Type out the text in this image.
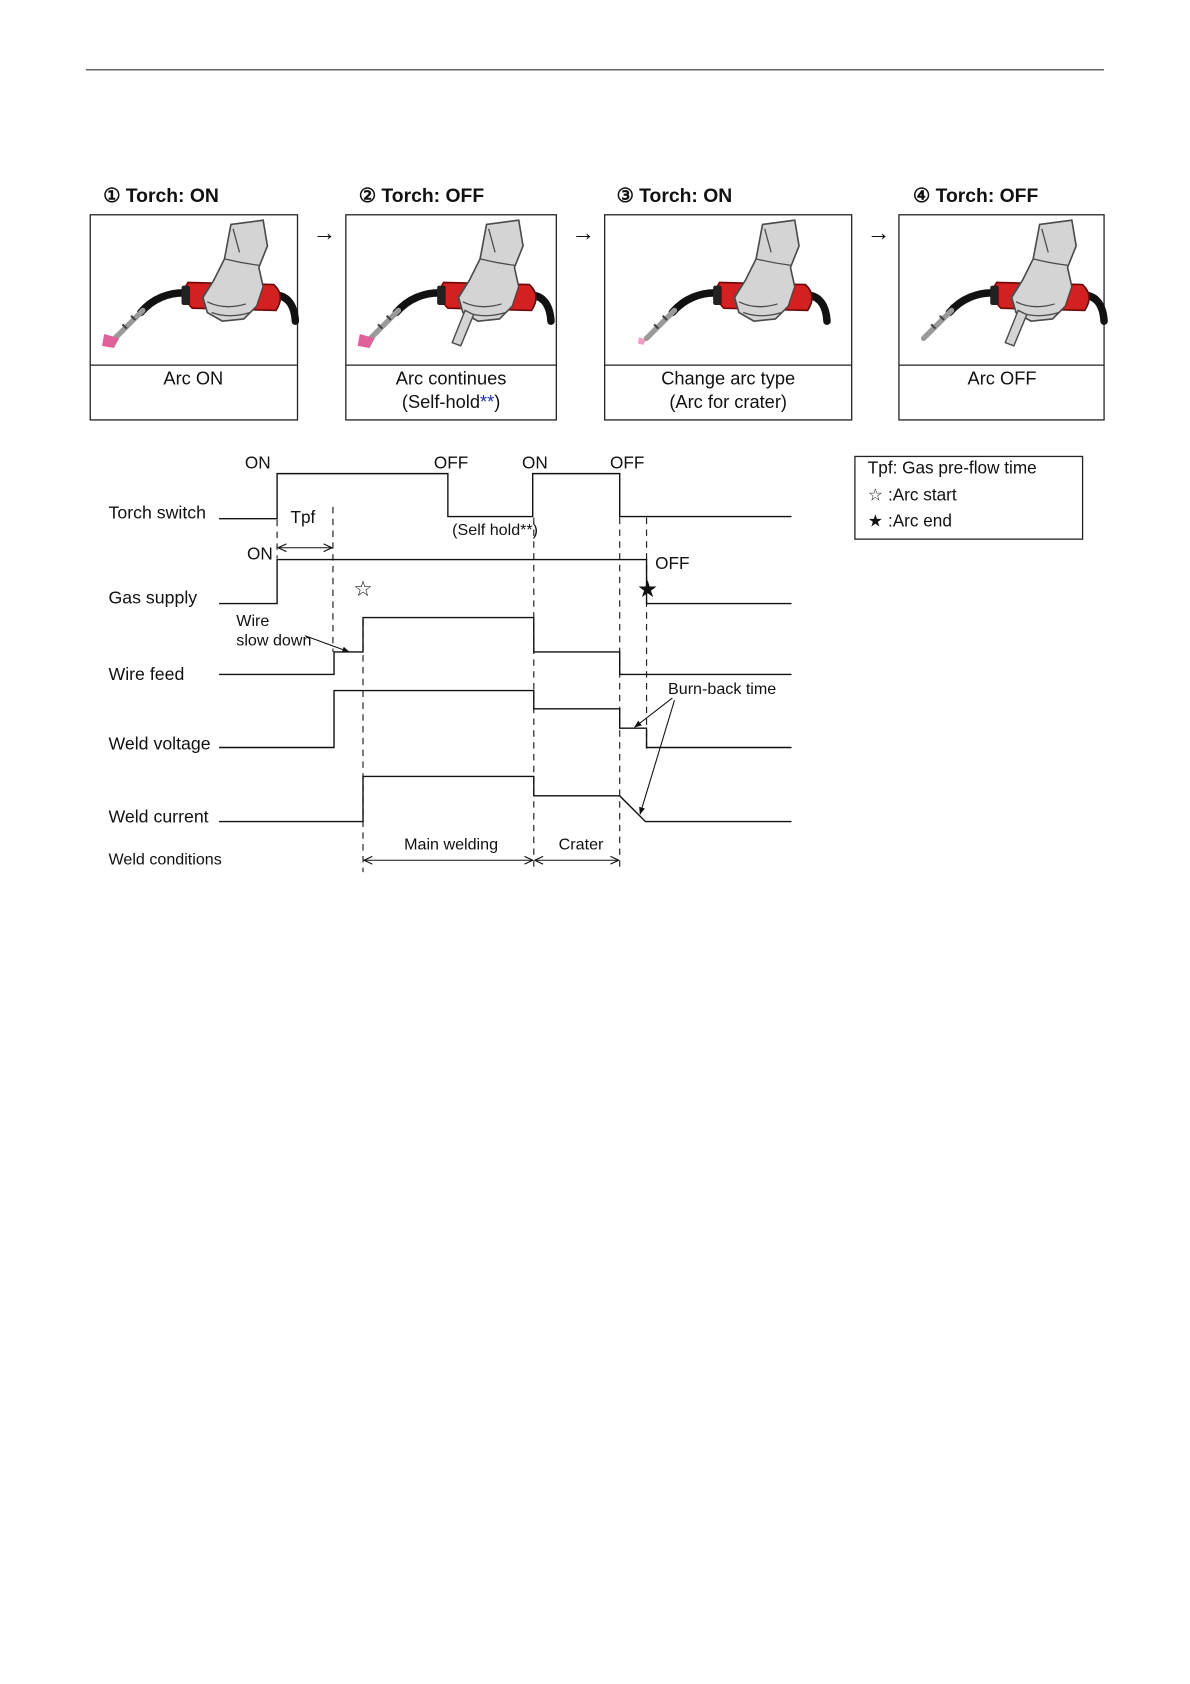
① Torch: ON
Arc ON
→
② Torch: OFF
Arc continues
(Self-hold**)
→
③ Torch: ON
Change arc type
(Arc for crater)
→
④ Torch: OFF
Arc OFF
Torch switch
Gas supply
Wire feed
Weld voltage
Weld current
Weld conditions
ON	OFF	ON	OFF
(Self hold**)
Tpf
ON	OFF
☆	★
Wire
slow down
Burn-back time
Main welding	Crater
Tpf: Gas pre-flow time
☆ :Arc start
★ :Arc end
